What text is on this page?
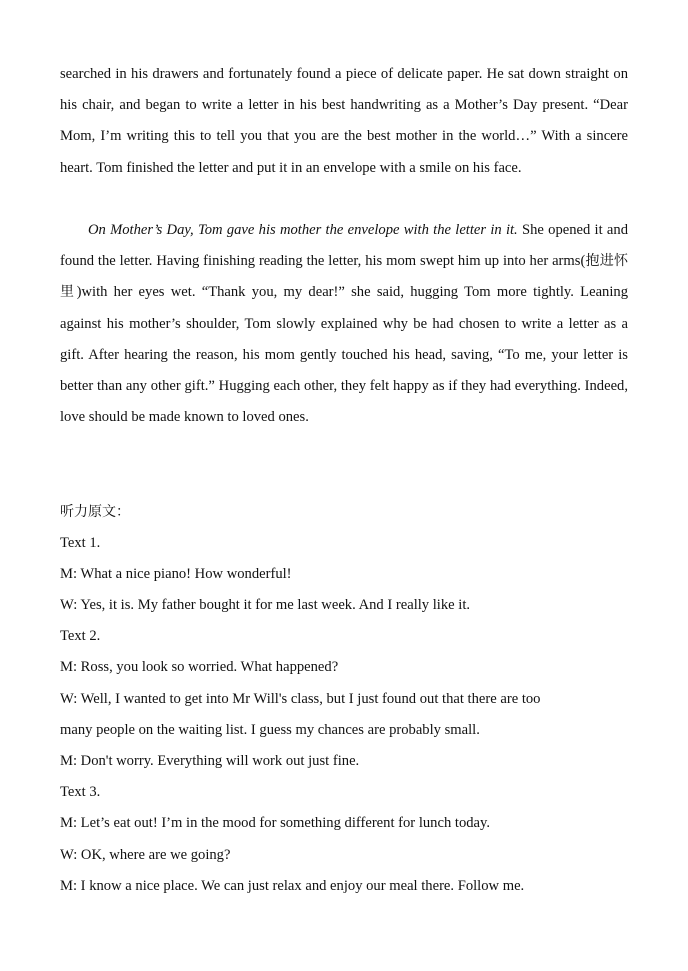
searched in his drawers and fortunately found a piece of delicate paper. He sat down straight on his chair, and began to write a letter in his best handwriting as a Mother’s Day present. “Dear Mom, I’m writing this to tell you that you are the best mother in the world…” With a sincere heart. Tom finished the letter and put it in an envelope with a smile on his face.

On Mother’s Day, Tom gave his mother the envelope with the letter in it. She opened it and found the letter. Having finishing reading the letter, his mom swept him up into her arms(抱进怀里)with her eyes wet. “Thank you, my dear!” she said, hugging Tom more tightly. Leaning against his mother’s shoulder, Tom slowly explained why be had chosen to write a letter as a gift. After hearing the reason, his mom gently touched his head, saving, “To me, your letter is better than any other gift.” Hugging each other, they felt happy as if they had everything. Indeed, love should be made known to loved ones.

听力原文：

Text 1.

M: What a nice piano! How wonderful!

W: Yes, it is. My father bought it for me last week. And I really like it.

Text 2.

M: Ross, you look so worried. What happened?

W: Well, I wanted to get into Mr Will's class, but I just found out that there are too

many people on the waiting list. I guess my chances are probably small.

M: Don't worry. Everything will work out just fine.

Text 3.

M: Let’s eat out! I’m in the mood for something different for lunch today.

W: OK, where are we going?

M: I know a nice place. We can just relax and enjoy our meal there. Follow me.
